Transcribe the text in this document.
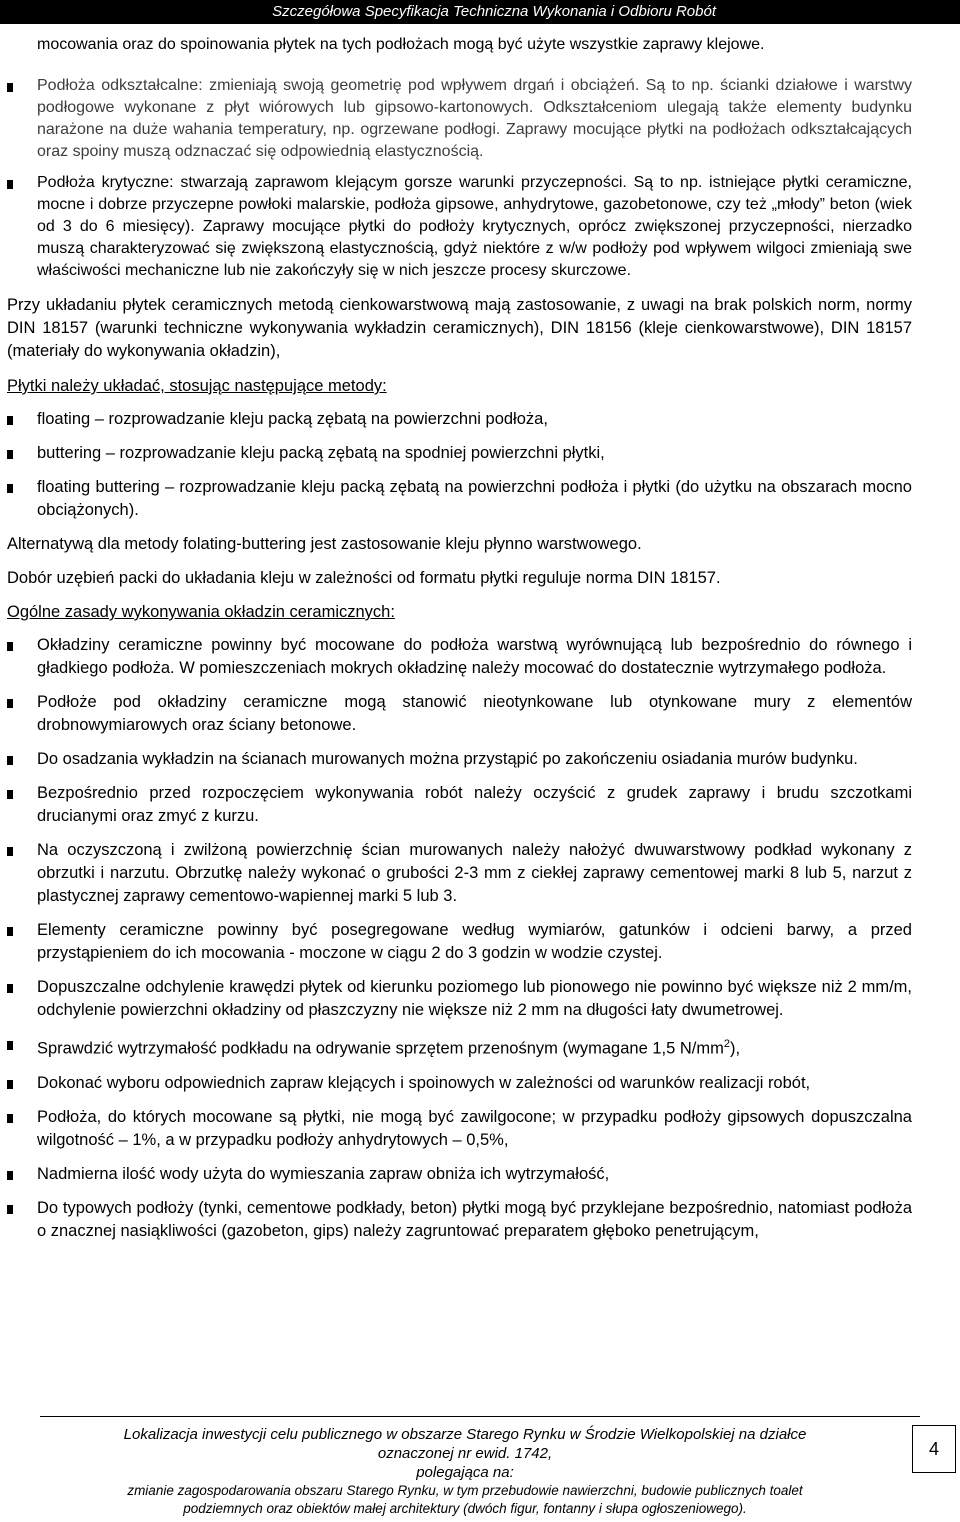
Szczegółowa Specyfikacja Techniczna Wykonania i Odbioru Robót
mocowania oraz do spoinowania płytek na tych podłożach mogą być użyte wszystkie zaprawy klejowe.
Podłoża odkształcalne: zmieniają swoją geometrię pod wpływem drgań i obciążeń. Są to np. ścianki działowe i warstwy podłogowe wykonane z płyt wiórowych lub gipsowo-kartonowych. Odkształceniom ulegają także elementy budynku narażone na duże wahania temperatury, np. ogrzewane podłogi. Zaprawy mocujące płytki na podłożach odkształcających oraz spoiny muszą odznaczać się odpowiednią elastycznością.
Podłoża krytyczne: stwarzają zaprawom klejącym gorsze warunki przyczepności. Są to np. istniejące płytki ceramiczne, mocne i dobrze przyczepne powłoki malarskie, podłoża gipsowe, anhydrytowe, gazobetonowe, czy też „młody” beton (wiek od 3 do 6 miesięcy). Zaprawy mocujące płytki do podłoży krytycznych, oprócz zwiększonej przyczepności, nierzadko muszą charakteryzować się zwiększoną elastycznością, gdyż niektóre z w/w podłoży pod wpływem wilgoci zmieniają swe właściwości mechaniczne lub nie zakończyły się w nich jeszcze procesy skurczowe.
Przy układaniu płytek ceramicznych metodą cienkowarstwową mają zastosowanie, z uwagi na brak polskich norm, normy DIN 18157 (warunki techniczne wykonywania wykładzin ceramicznych), DIN 18156 (kleje cienkowarstwowe), DIN 18157 (materiały do wykonywania okładzin),
Płytki należy układać, stosując następujące metody:
floating – rozprowadzanie kleju packą zębatą na powierzchni podłoża,
buttering – rozprowadzanie kleju packą zębatą na spodniej powierzchni płytki,
floating buttering – rozprowadzanie kleju packą zębatą na powierzchni podłoża i płytki (do użytku na obszarach mocno obciążonych).
Alternatywą dla metody folating-buttering jest zastosowanie kleju płynno warstwowego.
Dobór uzębień packi do układania kleju w zależności od formatu płytki reguluje norma DIN 18157.
Ogólne zasady wykonywania okładzin ceramicznych:
Okładziny ceramiczne powinny być mocowane do podłoża warstwą wyrównującą lub bezpośrednio do równego i gładkiego podłoża. W pomieszczeniach mokrych okładzinę należy mocować do dostatecznie wytrzymałego podłoża.
Podłoże pod okładziny ceramiczne mogą stanowić nieotynkowane lub otynkowane mury z elementów drobnowymiarowych oraz ściany betonowe.
Do osadzania wykładzin na ścianach murowanych można przystąpić po zakończeniu osiadania murów budynku.
Bezpośrednio przed rozpoczęciem wykonywania robót należy oczyścić z grudek zaprawy i brudu szczotkami drucianymi oraz zmyć z kurzu.
Na oczyszczoną i zwilżoną powierzchnię ścian murowanych należy nałożyć dwuwarstwowy podkład wykonany z obrzutki i narzutu. Obrzutkę należy wykonać o grubości 2-3 mm z ciekłej zaprawy cementowej marki 8 lub 5, narzut z plastycznej zaprawy cementowo-wapiennej marki 5 lub 3.
Elementy ceramiczne powinny być posegregowane według wymiarów, gatunków i odcieni barwy, a przed przystąpieniem do ich mocowania - moczone w ciągu 2 do 3 godzin w wodzie czystej.
Dopuszczalne odchylenie krawędzi płytek od kierunku poziomego lub pionowego nie powinno być większe niż 2 mm/m, odchylenie powierzchni okładziny od płaszczyzny nie większe niż 2 mm na długości łaty dwumetrowej.
Sprawdzić wytrzymałość podkładu na odrywanie sprzętem przenośnym (wymagane 1,5 $N/mm^2$),
Dokonać wyboru odpowiednich zapraw klejących i spoinowych w zależności od warunków realizacji robót,
Podłoża, do których mocowane są płytki, nie mogą być zawilgocone; w przypadku podłoży gipsowych dopuszczalna wilgotność – 1%, a w przypadku podłoży anhydrytowych – 0,5%,
Nadmierna ilość wody użyta do wymieszania zapraw obniża ich wytrzymałość,
Do typowych podłoży (tynki, cementowe podkłady, beton) płytki mogą być przyklejane bezpośrednio, natomiast podłoża o znacznej nasiąkliwości (gazobeton, gips) należy zagruntować preparatem głęboko penetrującym,
Lokalizacja inwestycji celu publicznego w obszarze Starego Rynku w Środzie Wielkopolskiej na działce
oznaczonej nr ewid. 1742,
polegająca na:
zmianie zagospodarowania obszaru Starego Rynku, w tym przebudowie nawierzchni, budowie publicznych toalet
podziemnych oraz obiektów małej architektury (dwóch figur, fontanny i słupa ogłoszeniowego).
4
